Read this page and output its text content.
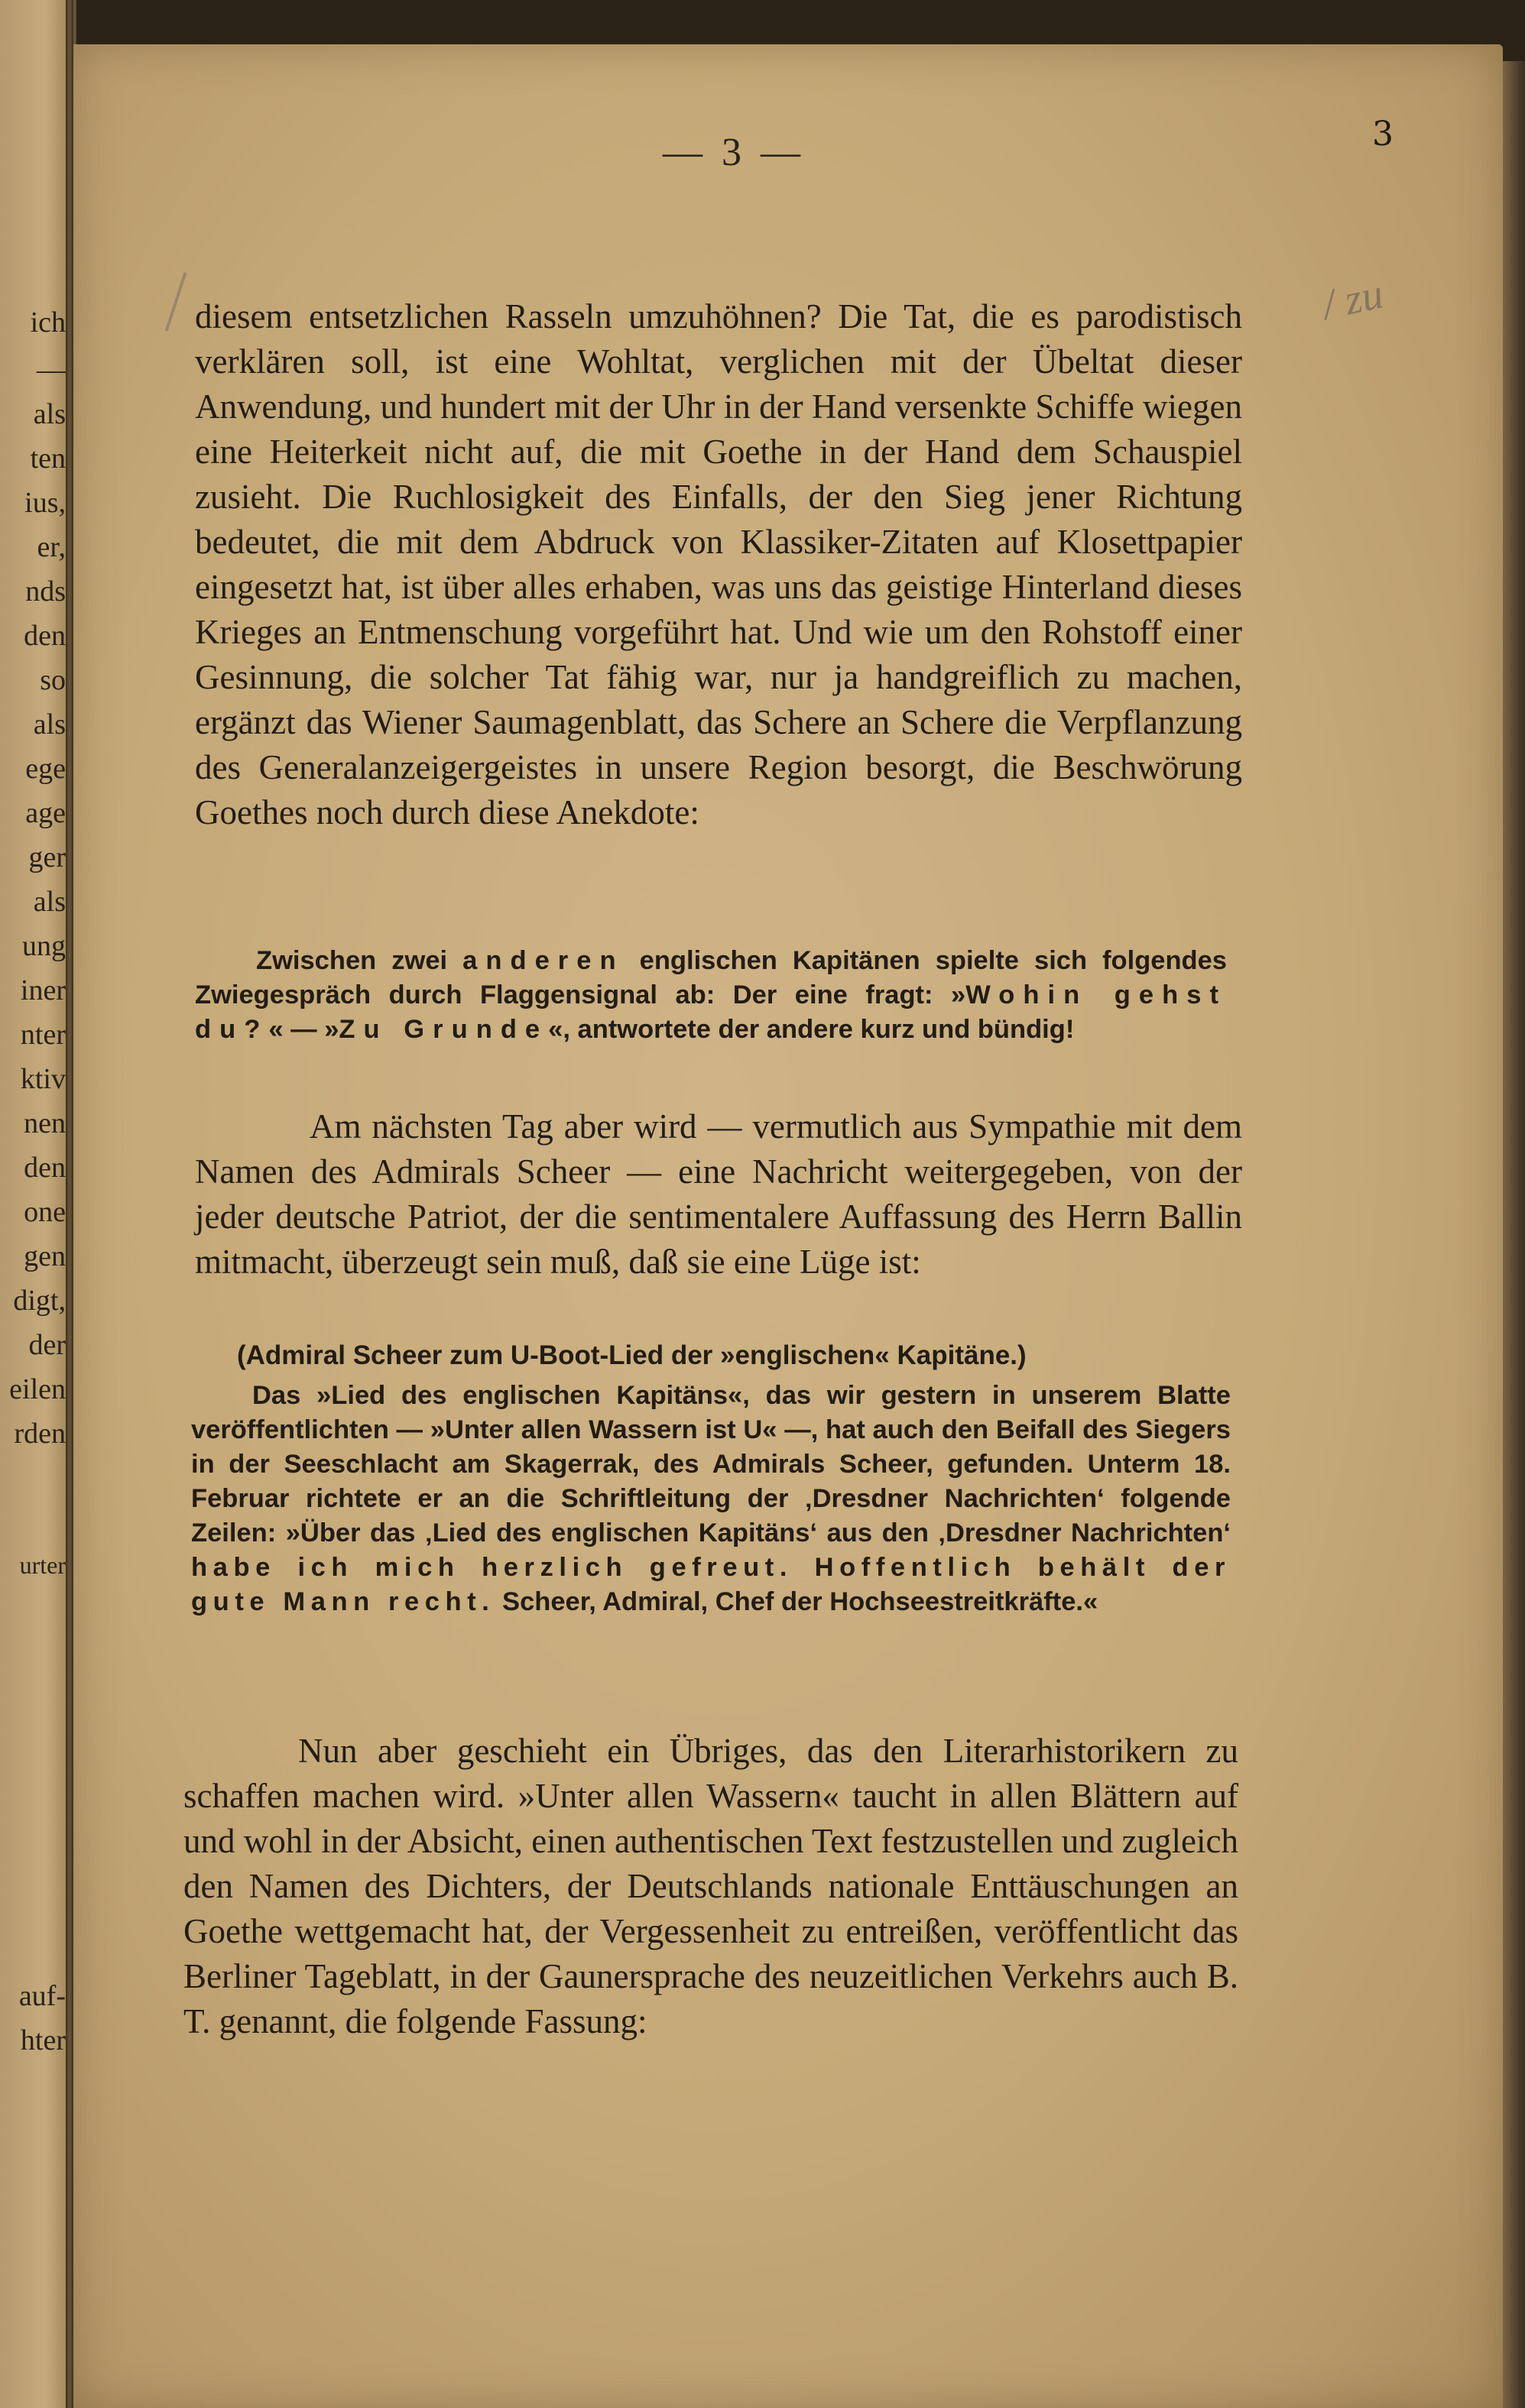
ich
—
als
ten
ius,
er,
nds
den
so
als
ege
age
ger
als
ung
iner
nter
ktiv
nen
den
one
gen
digt,
der
eilen
rden
urter
auf-
hter
— 3 —	3
/ zu

diesem entsetzlichen Rasseln umzuhöhnen? Die Tat, die es parodistisch verklären soll, ist eine Wohltat, verglichen mit der Übeltat dieser Anwendung, und hundert mit der Uhr in der Hand versenkte Schiffe wiegen eine Heiterkeit nicht auf, die mit Goethe in der Hand dem Schauspiel zusieht. Die Ruchlosigkeit des Einfalls, der den Sieg jener Richtung bedeutet, die mit dem Abdruck von Klassiker-Zitaten auf Klosettpapier eingesetzt hat, ist über alles erhaben, was uns das geistige Hinterland dieses Krieges an Entmenschung vorgeführt hat. Und wie um den Rohstoff einer Gesinnung, die solcher Tat fähig war, nur ja handgreiflich zu machen, ergänzt das Wiener Saumagenblatt, das Schere an Schere die Verpflanzung des Generalanzeigergeistes in unsere Region besorgt, die Beschwörung Goethes noch durch diese Anekdote:

Zwischen zwei anderen englischen Kapitänen spielte sich folgendes Zwiegespräch durch Flaggensignal ab: Der eine fragt: »Wohin gehst du?« — »Zu Grunde«, antwortete der andere kurz und bündig!

Am nächsten Tag aber wird — vermutlich aus Sympathie mit dem Namen des Admirals Scheer — eine Nachricht weitergegeben, von der jeder deutsche Patriot, der die sentimentalere Auffassung des Herrn Ballin mitmacht, überzeugt sein muß, daß sie eine Lüge ist:

(Admiral Scheer zum U-Boot-Lied der »englischen« Kapitäne.)

Das »Lied des englischen Kapitäns«, das wir gestern in unserem Blatte veröffentlichten — »Unter allen Wassern ist U« —, hat auch den Beifall des Siegers in der Seeschlacht am Skagerrak, des Admirals Scheer, gefunden. Unterm 18. Februar richtete er an die Schriftleitung der ‚Dresdner Nachrichten‘ folgende Zeilen: »Über das ‚Lied des englischen Kapitäns‘ aus den ‚Dresdner Nachrichten‘ habe ich mich herzlich gefreut. Hoffentlich behält der gute Mann recht. Scheer, Admiral, Chef der Hochseestreitkräfte.«

Nun aber geschieht ein Übriges, das den Literarhistorikern zu schaffen machen wird. »Unter allen Wassern« taucht in allen Blättern auf und wohl in der Absicht, einen authentischen Text festzustellen und zugleich den Namen des Dichters, der Deutschlands nationale Enttäuschungen an Goethe wettgemacht hat, der Vergessenheit zu entreißen, veröffentlicht das Berliner Tageblatt, in der Gaunersprache des neuzeitlichen Verkehrs auch B. T. genannt, die folgende Fassung:
